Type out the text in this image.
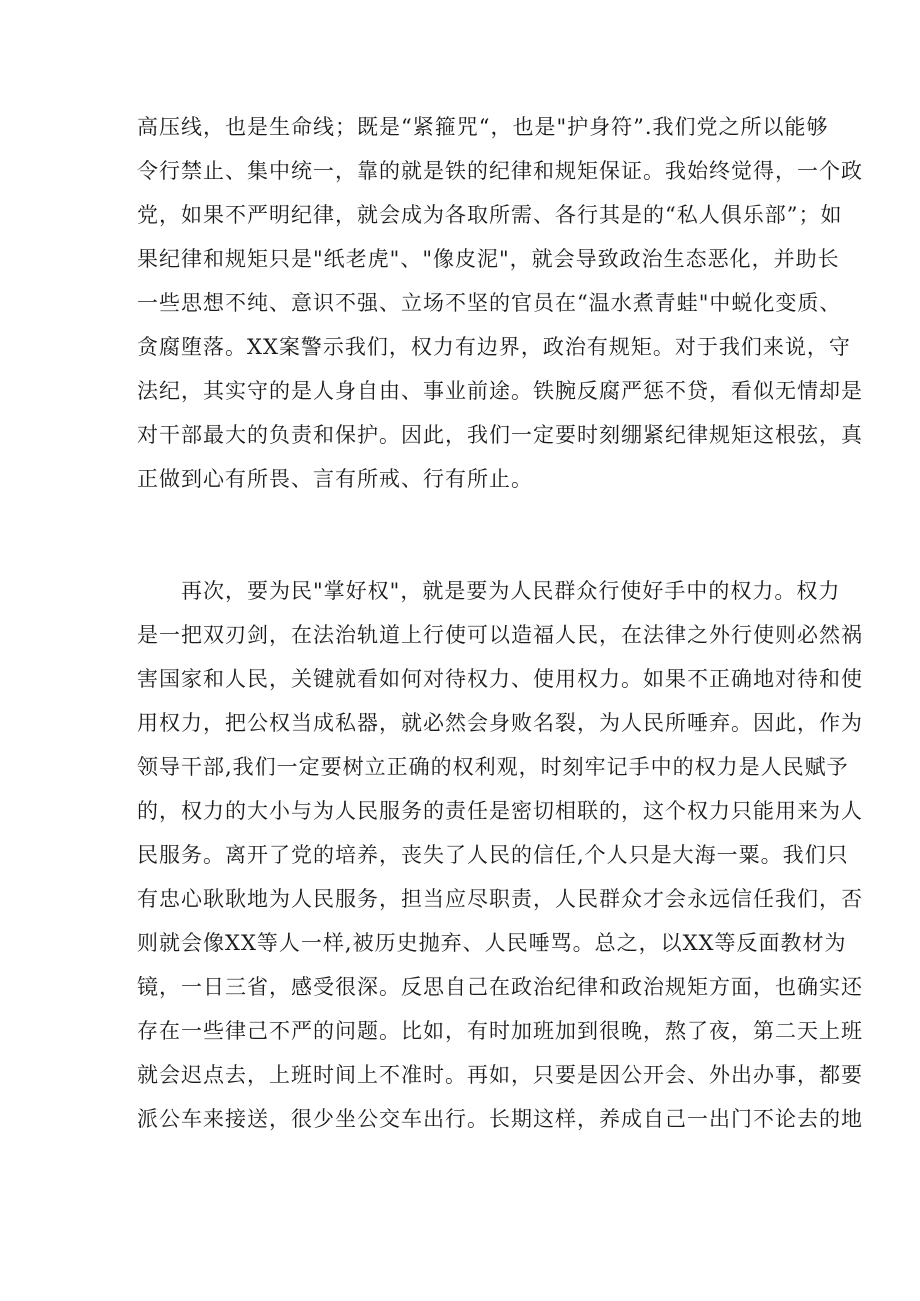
高压线，也是生命线；既是“紧箍咒“，也是"护身符”.我们党之所以能够
令行禁止、集中统一，靠的就是铁的纪律和规矩保证。我始终觉得，一个政
党，如果不严明纪律，就会成为各取所需、各行其是的“私人俱乐部”；如
果纪律和规矩只是"纸老虎"、"像皮泥"，就会导致政治生态恶化，并助长
一些思想不纯、意识不强、立场不坚的官员在“温水煮青蛙"中蜕化变质、
贪腐堕落。XX案警示我们，权力有边界，政治有规矩。对于我们来说，守
法纪，其实守的是人身自由、事业前途。铁腕反腐严惩不贷，看似无情却是
对干部最大的负责和保护。因此，我们一定要时刻绷紧纪律规矩这根弦，真
正做到心有所畏、言有所戒、行有所止。
　　再次，要为民"掌好权"，就是要为人民群众行使好手中的权力。权力
是一把双刃剑，在法治轨道上行使可以造福人民，在法律之外行使则必然祸
害国家和人民，关键就看如何对待权力、使用权力。如果不正确地对待和使
用权力，把公权当成私器，就必然会身败名裂，为人民所唾弃。因此，作为
领导干部,我们一定要树立正确的权利观，时刻牢记手中的权力是人民赋予
的，权力的大小与为人民服务的责任是密切相联的，这个权力只能用来为人
民服务。离开了党的培养，丧失了人民的信任,个人只是大海一粟。我们只
有忠心耿耿地为人民服务，担当应尽职责，人民群众才会永远信任我们，否
则就会像XX等人一样,被历史抛弃、人民唾骂。总之，以XX等反面教材为
镜，一日三省，感受很深。反思自己在政治纪律和政治规矩方面，也确实还
存在一些律己不严的问题。比如，有时加班加到很晚，熬了夜，第二天上班
就会迟点去，上班时间上不准时。再如，只要是因公开会、外出办事，都要
派公车来接送，很少坐公交车出行。长期这样，养成自己一出门不论去的地
